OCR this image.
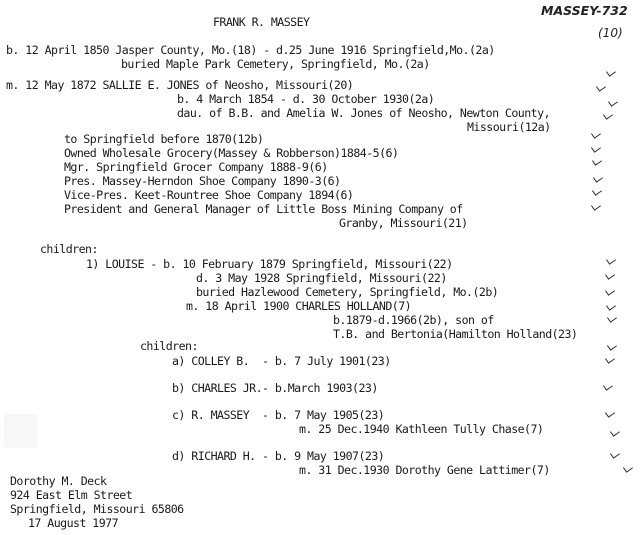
MASSEY-732
(10)
FRANK R. MASSEY
b. 12 April 1850 Jasper County, Mo.(18) - d.25 June 1916 Springfield,Mo.(2a)
buried Maple Park Cemetery, Springfield, Mo.(2a)
m. 12 May 1872 SALLIE E. JONES of Neosho, Missouri(20)
b. 4 March 1854 - d. 30 October 1930(2a)
dau. of B.B. and Amelia W. Jones of Neosho, Newton County,
Missouri(12a)
to Springfield before 1870(12b)
Owned Wholesale Grocery(Massey & Robberson)1884-5(6)
Mgr. Springfield Grocer Company 1888-9(6)
Pres. Massey-Herndon Shoe Company 1890-3(6)
Vice-Pres. Keet-Rountree Shoe Company 1894(6)
President and General Manager of Little Boss Mining Company of
Granby, Missouri(21)
children:
1) LOUISE - b. 10 February 1879 Springfield, Missouri(22)
d. 3 May 1928 Springfield, Missouri(22)
buried Hazlewood Cemetery, Springfield, Mo.(2b)
m. 18 April 1900 CHARLES HOLLAND(7)
b.1879-d.1966(2b), son of
T.B. and Bertonia(Hamilton Holland(23)
children:
a) COLLEY B.  - b. 7 July 1901(23)
b) CHARLES JR.- b.March 1903(23)
c) R. MASSEY  - b. 7 May 1905(23)
m. 25 Dec.1940 Kathleen Tully Chase(7)
d) RICHARD H. - b. 9 May 1907(23)
m. 31 Dec.1930 Dorothy Gene Lattimer(7)
Dorothy M. Deck
924 East Elm Street
Springfield, Missouri 65806
17 August 1977
